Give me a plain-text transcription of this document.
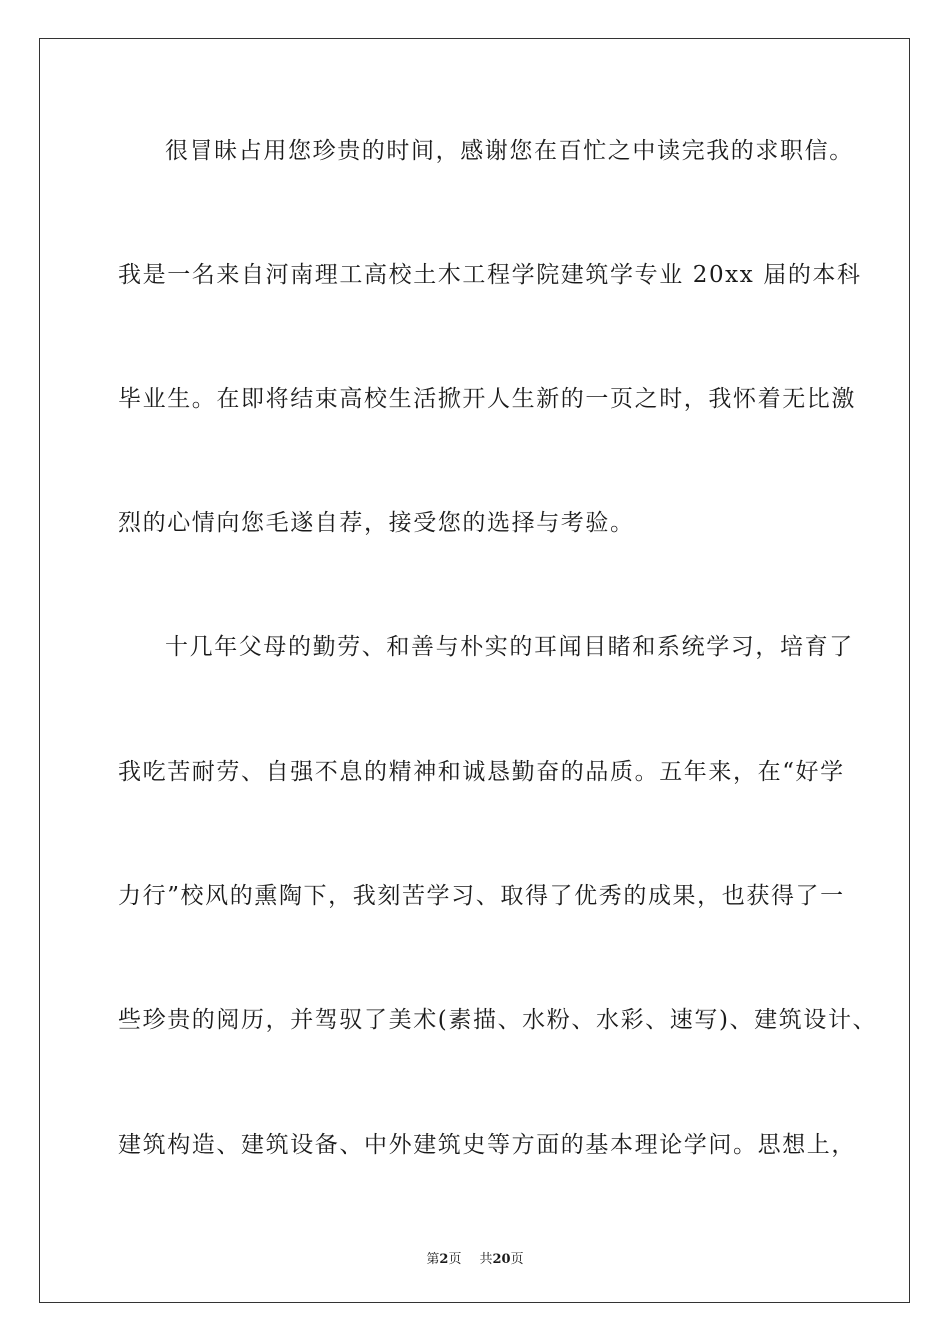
很冒昧占用您珍贵的时间，感谢您在百忙之中读完我的求职信。
我是一名来自河南理工高校土木工程学院建筑学专业 20xx 届的本科
毕业生。在即将结束高校生活掀开人生新的一页之时，我怀着无比激
烈的心情向您毛遂自荐，接受您的选择与考验。
十几年父母的勤劳、和善与朴实的耳闻目睹和系统学习，培育了
我吃苦耐劳、自强不息的精神和诚恳勤奋的品质。五年来，在“好学
力行”校风的熏陶下，我刻苦学习、取得了优秀的成果，也获得了一
些珍贵的阅历，并驾驭了美术(素描、水粉、水彩、速写)、建筑设计、
建筑构造、建筑设备、中外建筑史等方面的基本理论学问。思想上，
第2页 共20页
